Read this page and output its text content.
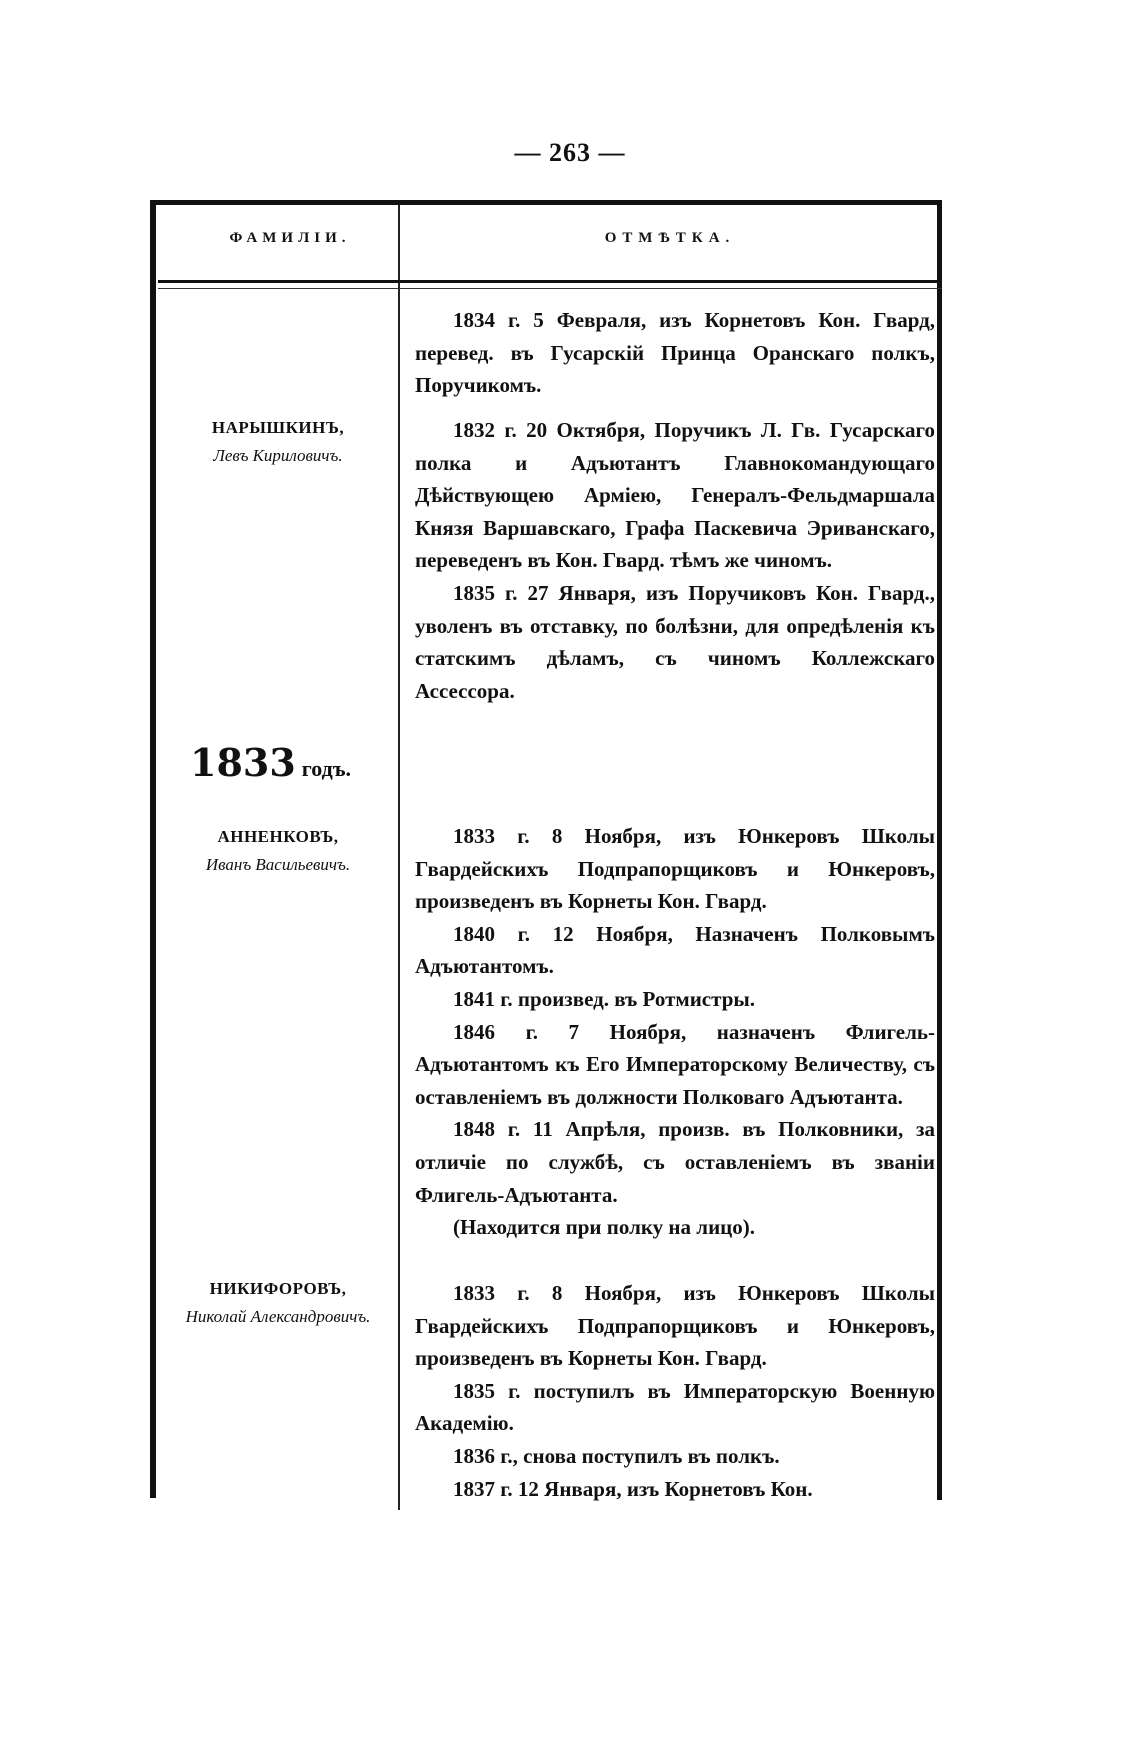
— 263 —
ФАМИЛІИ.	ОТМѢТКА.
НАРЫШКИНЪ,
Левъ Кириловичъ.
1833 годъ.
АННЕНКОВЪ,
Иванъ Васильевичъ.
НИКИФОРОВЪ,
Николай Александровичъ.

1834 г. 5 Февраля, изъ Корнетовъ Кон. Гвард, перевед. въ Гусарскій Принца Оранскаго полкъ, Поручикомъ.

1832 г. 20 Октября, Поручикъ Л. Гв. Гусарскаго полка и Адъютантъ Главнокомандующаго Дѣйствующею Арміею, Генералъ-Фельдмаршала Князя Варшавскаго, Графа Паскевича Эриванскаго, переведенъ въ Кон. Гвард. тѣмъ же чиномъ.

1835 г. 27 Января, изъ Поручиковъ Кон. Гвард., уволенъ въ отставку, по болѣзни, для опредѣленія къ статскимъ дѣламъ, съ чиномъ Коллежскаго Ассессора.

1833 г. 8 Ноября, изъ Юнкеровъ Школы Гвардейскихъ Подпрапорщиковъ и Юнкеровъ, произведенъ въ Корнеты Кон. Гвард.

1840 г. 12 Ноября, Назначенъ Полковымъ Адъютантомъ.

1841 г. произвед. въ Ротмистры.

1846 г. 7 Ноября, назначенъ Флигель-Адъютантомъ къ Его Императорскому Величеству, съ оставленіемъ въ должности Полковаго Адъютанта.

1848 г. 11 Апрѣля, произв. въ Полковники, за отличіе по службѣ, съ оставленіемъ въ званіи Флигель-Адъютанта.

(Находится при полку на лицо).

1833 г. 8 Ноября, изъ Юнкеровъ Школы Гвардейскихъ Подпрапорщиковъ и Юнкеровъ, произведенъ въ Корнеты Кон. Гвард.

1835 г. поступилъ въ Императорскую Военную Академію.

1836 г., снова поступилъ въ полкъ.

1837 г. 12 Января, изъ Корнетовъ Кон.
